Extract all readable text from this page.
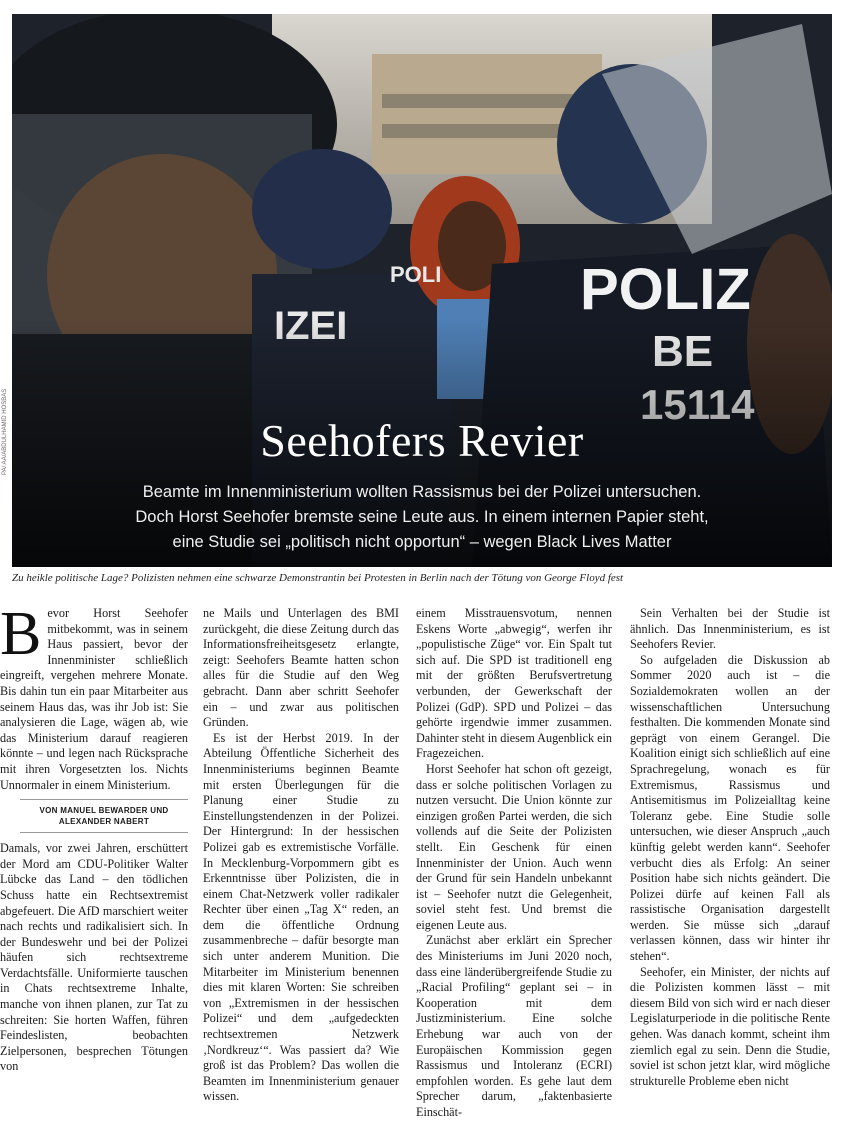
Seehofers Revier
Beamte im Innenministerium wollten Rassismus bei der Polizei untersuchen.
Doch Horst Seehofer bremste seine Leute aus. In einem internen Papier steht,
eine Studie sei „politisch nicht opportun“ – wegen Black Lives Matter
PA/ AA/ABDULHAMID HOSBAS
Zu heikle politische Lage? Polizisten nehmen eine schwarze Demonstrantin bei Protesten in Berlin nach der Tötung von George Floyd fest

Bevor Horst Seehofer mitbekommt, was in seinem Haus passiert, bevor der Innenminister schließlich eingreift, vergehen mehrere Monate. Bis dahin tun ein paar Mitarbeiter aus seinem Haus das, was ihr Job ist: Sie analysieren die Lage, wägen ab, wie das Ministerium darauf reagieren könnte – und legen nach Rücksprache mit ihren Vorgesetzten los. Nichts Unnormaler in einem Ministerium.

VON MANUEL BEWARDER UND
ALEXANDER NABERT

Damals, vor zwei Jahren, erschüttert der Mord am CDU-Politiker Walter Lübcke das Land – den tödlichen Schuss hatte ein Rechtsextremist abgefeuert. Die AfD marschiert weiter nach rechts und radikalisiert sich. In der Bundeswehr und bei der Polizei häufen sich rechtsextreme Verdachtsfälle. Uniformierte tauschen in Chats rechtsextreme Inhalte, manche von ihnen planen, zur Tat zu schreiten: Sie horten Waffen, führen Feindeslisten, beobachten Zielpersonen, besprechen Tötungen von

ne Mails und Unterlagen des BMI zurückgeht, die diese Zeitung durch das Informationsfreiheitsgesetz erlangte, zeigt: Seehofers Beamte hatten schon alles für die Studie auf den Weg gebracht. Dann aber schritt Seehofer ein – und zwar aus politischen Gründen.

Es ist der Herbst 2019. In der Abteilung Öffentliche Sicherheit des Innenministeriums beginnen Beamte mit ersten Überlegungen für die Planung einer Studie zu Einstellungstendenzen in der Polizei. Der Hintergrund: In der hessischen Polizei gab es extremistische Vorfälle. In Mecklenburg-Vorpommern gibt es Erkenntnisse über Polizisten, die in einem Chat-Netzwerk voller radikaler Rechter über einen „Tag X“ reden, an dem die öffentliche Ordnung zusammenbreche – dafür besorgte man sich unter anderem Munition. Die Mitarbeiter im Ministerium benennen dies mit klaren Worten: Sie schreiben von „Extremismen in der hessischen Polizei“ und dem „aufgedeckten rechtsextremen Netzwerk ‚Nordkreuz‘“. Was passiert da? Wie groß ist das Problem? Das wollen die Beamten im Innenministerium genauer wissen.

einem Misstrauensvotum, nennen Eskens Worte „abwegig“, werfen ihr „populistische Züge“ vor. Ein Spalt tut sich auf. Die SPD ist traditionell eng mit der größten Berufsvertretung verbunden, der Gewerkschaft der Polizei (GdP). SPD und Polizei – das gehörte irgendwie immer zusammen. Dahinter steht in diesem Augenblick ein Fragezeichen.

Horst Seehofer hat schon oft gezeigt, dass er solche politischen Vorlagen zu nutzen versucht. Die Union könnte zur einzigen großen Partei werden, die sich vollends auf die Seite der Polizisten stellt. Ein Geschenk für einen Innenminister der Union. Auch wenn der Grund für sein Handeln unbekannt ist – Seehofer nutzt die Gelegenheit, soviel steht fest. Und bremst die eigenen Leute aus.

Zunächst aber erklärt ein Sprecher des Ministeriums im Juni 2020 noch, dass eine länderübergreifende Studie zu „Racial Profiling“ geplant sei – in Kooperation mit dem Justizministerium. Eine solche Erhebung war auch von der Europäischen Kommission gegen Rassismus und Intoleranz (ECRI) empfohlen worden. Es gehe laut dem Sprecher darum, „faktenbasierte Einschät-

Sein Verhalten bei der Studie ist ähnlich. Das Innenministerium, es ist Seehofers Revier.

So aufgeladen die Diskussion ab Sommer 2020 auch ist – die Sozialdemokraten wollen an der wissenschaftlichen Untersuchung festhalten. Die kommenden Monate sind geprägt von einem Gerangel. Die Koalition einigt sich schließlich auf eine Sprachregelung, wonach es für Extremismus, Rassismus und Antisemitismus im Polizeialltag keine Toleranz gebe. Eine Studie solle untersuchen, wie dieser Anspruch „auch künftig gelebt werden kann“. Seehofer verbucht dies als Erfolg: An seiner Position habe sich nichts geändert. Die Polizei dürfe auf keinen Fall als rassistische Organisation dargestellt werden. Sie müsse sich „darauf verlassen können, dass wir hinter ihr stehen“.

Seehofer, ein Minister, der nichts auf die Polizisten kommen lässt – mit diesem Bild von sich wird er nach dieser Legislaturperiode in die politische Rente gehen. Was danach kommt, scheint ihm ziemlich egal zu sein. Denn die Studie, soviel ist schon jetzt klar, wird mögliche strukturelle Probleme eben nicht
